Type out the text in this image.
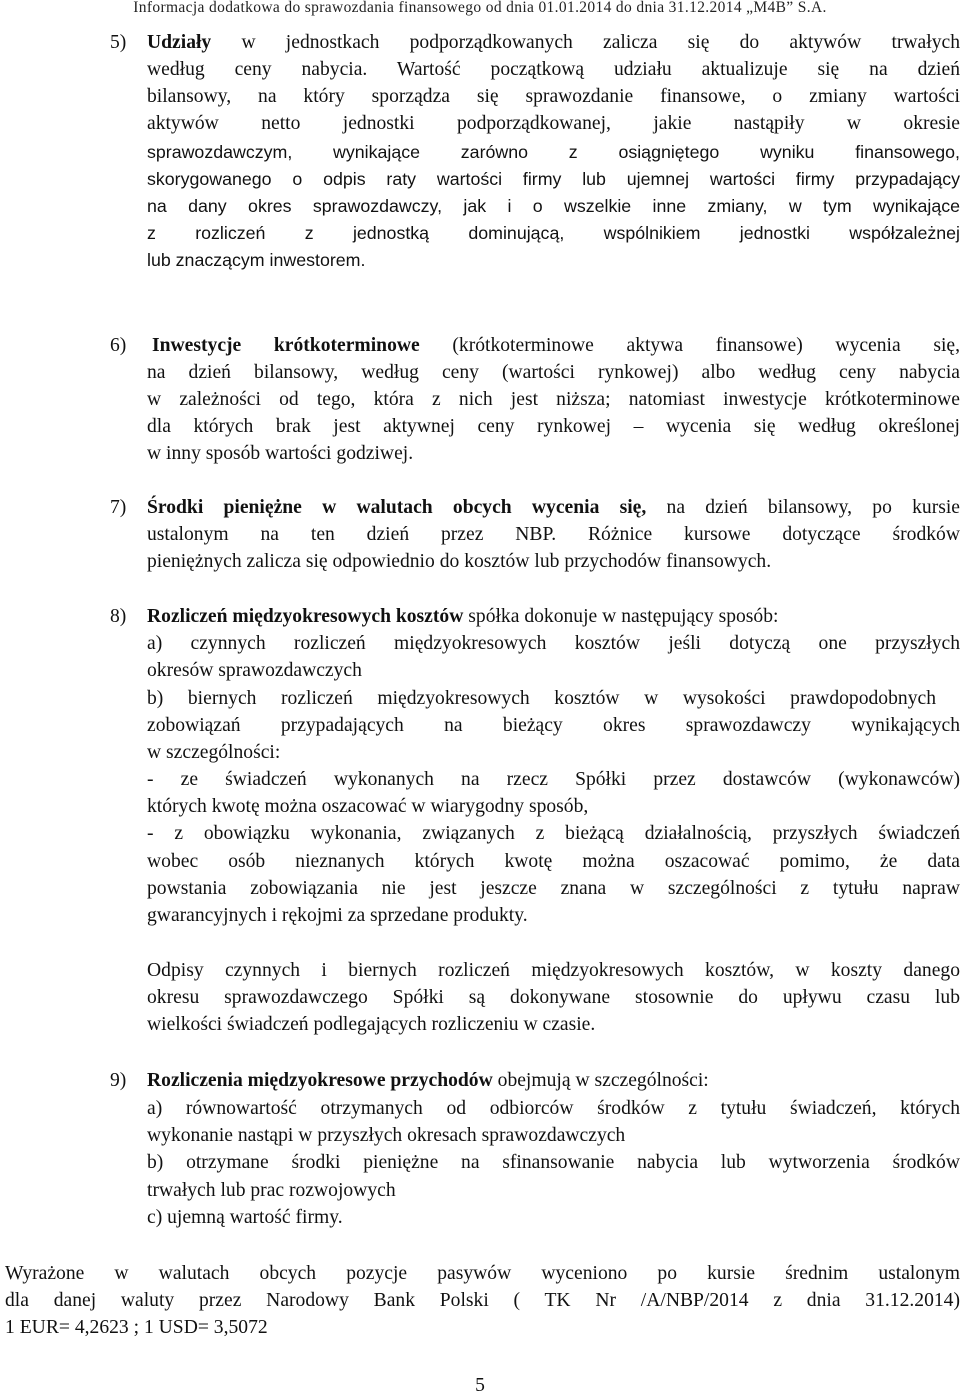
Informacja dodatkowa do sprawozdania finansowego od dnia 01.01.2014 do dnia 31.12.2014 „M4B” S.A.
5) Udziały w jednostkach podporządkowanych zalicza się do aktywów trwałych
według ceny nabycia. Wartość początkową udziału aktualizuje się na dzień
bilansowy, na który sporządza się sprawozdanie finansowe, o zmiany wartości
aktywów netto jednostki podporządkowanej, jakie nastąpiły w okresie
sprawozdawczym, wynikające zarówno z osiągniętego wyniku finansowego,
skorygowanego o odpis raty wartości firmy lub ujemnej wartości firmy przypadający
na dany okres sprawozdawczy, jak i o wszelkie inne zmiany, w tym wynikające
z rozliczeń z jednostką dominującą, wspólnikiem jednostki współzależnej
lub znaczącym inwestorem.
6) Inwestycje krótkoterminowe (krótkoterminowe aktywa finansowe) wycenia się,
na dzień bilansowy, według ceny (wartości rynkowej) albo według ceny nabycia
w zależności od tego, która z nich jest niższa; natomiast inwestycje krótkoterminowe
dla których brak jest aktywnej ceny rynkowej – wycenia się według określonej
w inny sposób wartości godziwej.
7) Środki pieniężne w walutach obcych wycenia się, na dzień bilansowy, po kursie
ustalonym na ten dzień przez NBP. Różnice kursowe dotyczące środków
pieniężnych zalicza się odpowiednio do kosztów lub przychodów finansowych.
8) Rozliczeń międzyokresowych kosztów spółka dokonuje w następujący sposób:
a) czynnych rozliczeń międzyokresowych kosztów jeśli dotyczą one przyszłych
okresów sprawozdawczych
b) biernych rozliczeń międzyokresowych kosztów w wysokości prawdopodobnych
zobowiązań przypadających na bieżący okres sprawozdawczy wynikających
w szczególności:
- ze świadczeń wykonanych na rzecz Spółki przez dostawców (wykonawców)
których kwotę można oszacować w wiarygodny sposób,
- z obowiązku wykonania, związanych z bieżącą działalnością, przyszłych świadczeń
wobec osób nieznanych których kwotę można oszacować pomimo, że data
powstania zobowiązania nie jest jeszcze znana w szczególności z tytułu napraw
gwarancyjnych i rękojmi za sprzedane produkty.
Odpisy czynnych i biernych rozliczeń międzyokresowych kosztów, w koszty danego
okresu sprawozdawczego Spółki są dokonywane stosownie do upływu czasu lub
wielkości świadczeń podlegających rozliczeniu w czasie.
9) Rozliczenia międzyokresowe przychodów obejmują w szczególności:
a) równowartość otrzymanych od odbiorców środków z tytułu świadczeń, których
wykonanie nastąpi w przyszłych okresach sprawozdawczych
b) otrzymane środki pieniężne na sfinansowanie nabycia lub wytworzenia środków
trwałych lub prac rozwojowych
c) ujemną wartość firmy.
Wyrażone w walutach obcych pozycje pasywów wyceniono po kursie średnim ustalonym
dla danej waluty przez Narodowy Bank Polski ( TK Nr /A/NBP/2014 z dnia 31.12.2014)
1 EUR= 4,2623 ; 1 USD= 3,5072
5
